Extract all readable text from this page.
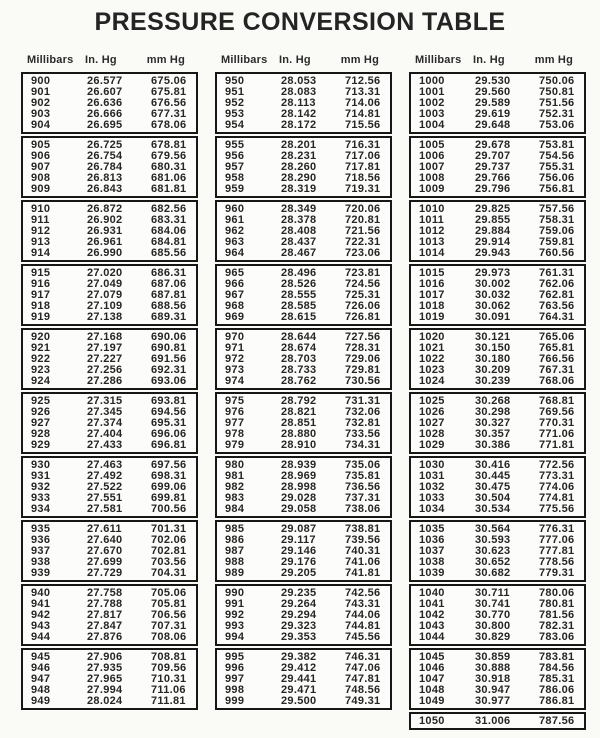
PRESSURE CONVERSION TABLE
Millibars	In. Hg	mm Hg
900	26.577	675.06
901	26.607	675.81
902	26.636	676.56
903	26.666	677.31
904	26.695	678.06
905	26.725	678.81
906	26.754	679.56
907	26.784	680.31
908	26.813	681.06
909	26.843	681.81
910	26.872	682.56
911	26.902	683.31
912	26.931	684.06
913	26.961	684.81
914	26.990	685.56
915	27.020	686.31
916	27.049	687.06
917	27.079	687.81
918	27.109	688.56
919	27.138	689.31
920	27.168	690.06
921	27.197	690.81
922	27.227	691.56
923	27.256	692.31
924	27.286	693.06
925	27.315	693.81
926	27.345	694.56
927	27.374	695.31
928	27.404	696.06
929	27.433	696.81
930	27.463	697.56
931	27.492	698.31
932	27.522	699.06
933	27.551	699.81
934	27.581	700.56
935	27.611	701.31
936	27.640	702.06
937	27.670	702.81
938	27.699	703.56
939	27.729	704.31
940	27.758	705.06
941	27.788	705.81
942	27.817	706.56
943	27.847	707.31
944	27.876	708.06
945	27.906	708.81
946	27.935	709.56
947	27.965	710.31
948	27.994	711.06
949	28.024	711.81
Millibars	In. Hg	mm Hg
950	28.053	712.56
951	28.083	713.31
952	28.113	714.06
953	28.142	714.81
954	28.172	715.56
955	28.201	716.31
956	28.231	717.06
957	28.260	717.81
958	28.290	718.56
959	28.319	719.31
960	28.349	720.06
961	28.378	720.81
962	28.408	721.56
963	28.437	722.31
964	28.467	723.06
965	28.496	723.81
966	28.526	724.56
967	28.555	725.31
968	28.585	726.06
969	28.615	726.81
970	28.644	727.56
971	28.674	728.31
972	28.703	729.06
973	28.733	729.81
974	28.762	730.56
975	28.792	731.31
976	28.821	732.06
977	28.851	732.81
978	28.880	733.56
979	28.910	734.31
980	28.939	735.06
981	28.969	735.81
982	28.998	736.56
983	29.028	737.31
984	29.058	738.06
985	29.087	738.81
986	29.117	739.56
987	29.146	740.31
988	29.176	741.06
989	29.205	741.81
990	29.235	742.56
991	29.264	743.31
992	29.294	744.06
993	29.323	744.81
994	29.353	745.56
995	29.382	746.31
996	29.412	747.06
997	29.441	747.81
998	29.471	748.56
999	29.500	749.31
Millibars	In. Hg	mm Hg
1000	29.530	750.06
1001	29.560	750.81
1002	29.589	751.56
1003	29.619	752.31
1004	29.648	753.06
1005	29.678	753.81
1006	29.707	754.56
1007	29.737	755.31
1008	29.766	756.06
1009	29.796	756.81
1010	29.825	757.56
1011	29.855	758.31
1012	29.884	759.06
1013	29.914	759.81
1014	29.943	760.56
1015	29.973	761.31
1016	30.002	762.06
1017	30.032	762.81
1018	30.062	763.56
1019	30.091	764.31
1020	30.121	765.06
1021	30.150	765.81
1022	30.180	766.56
1023	30.209	767.31
1024	30.239	768.06
1025	30.268	768.81
1026	30.298	769.56
1027	30.327	770.31
1028	30.357	771.06
1029	30.386	771.81
1030	30.416	772.56
1031	30.445	773.31
1032	30.475	774.06
1033	30.504	774.81
1034	30.534	775.56
1035	30.564	776.31
1036	30.593	777.06
1037	30.623	777.81
1038	30.652	778.56
1039	30.682	779.31
1040	30.711	780.06
1041	30.741	780.81
1042	30.770	781.56
1043	30.800	782.31
1044	30.829	783.06
1045	30.859	783.81
1046	30.888	784.56
1047	30.918	785.31
1048	30.947	786.06
1049	30.977	786.81
1050	31.006	787.56
